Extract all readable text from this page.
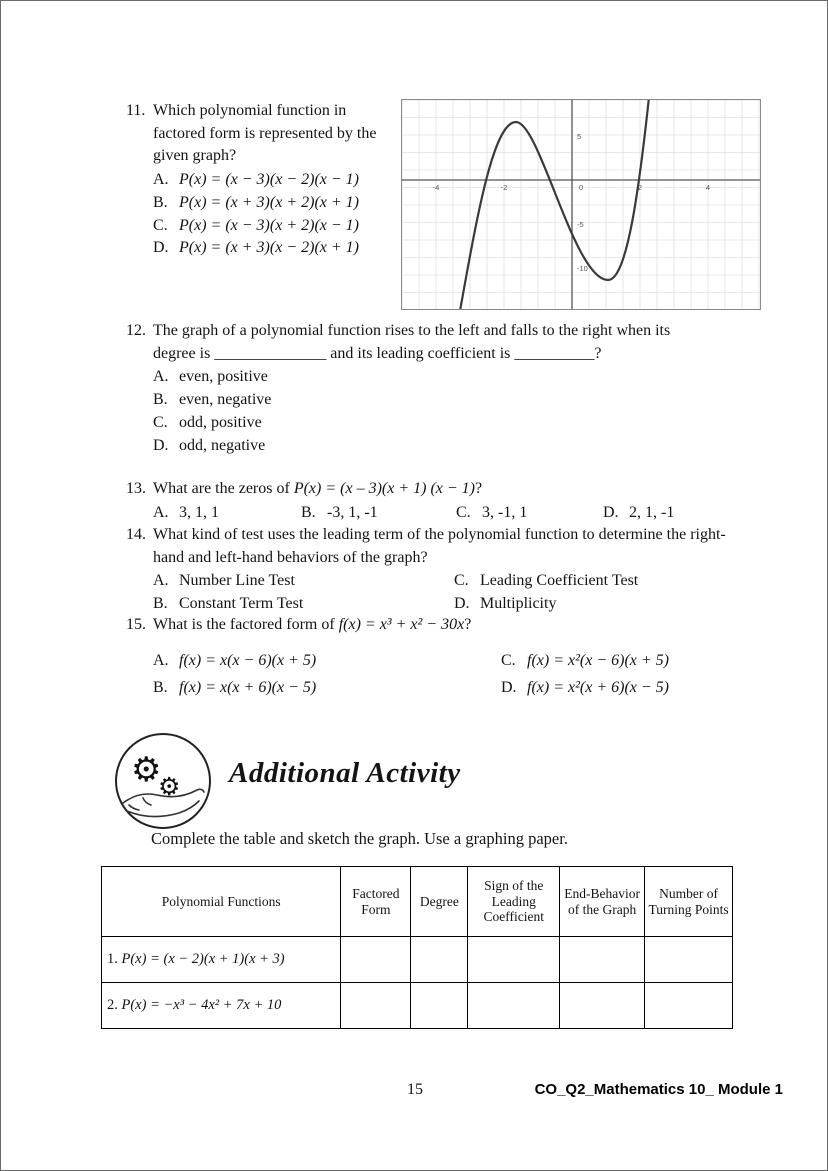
11. Which polynomial function in factored form is represented by the given graph?
A. P(x) = (x − 3)(x − 2)(x − 1)
B. P(x) = (x + 3)(x + 2)(x + 1)
C. P(x) = (x − 3)(x + 2)(x − 1)
D. P(x) = (x + 3)(x − 2)(x + 1)
-4	-2	0	2	4
5
-5
-10
12. The graph of a polynomial function rises to the left and falls to the right when its degree is ______________ and its leading coefficient is __________?
A. even, positive
B. even, negative
C. odd, positive
D. odd, negative
13. What are the zeros of P(x) = (x – 3)(x + 1) (x − 1)?
A. 3, 1, 1	B. -3, 1, -1	C. 3, -1, 1	D. 2, 1, -1
14. What kind of test uses the leading term of the polynomial function to determine the right-hand and left-hand behaviors of the graph?
A. Number Line Test	C. Leading Coefficient Test
B. Constant Term Test	D. Multiplicity
15. What is the factored form of f(x) = x³ + x² − 30x?
A. f(x) = x(x − 6)(x + 5)	C. f(x) = x²(x − 6)(x + 5)
B. f(x) = x(x + 6)(x − 5)	D. f(x) = x²(x + 6)(x − 5)
⚙
⚙ Additional Activity
Complete the table and sketch the graph. Use a graphing paper.
Polynomial Functions	Factored Form	Degree	Sign of the Leading Coefficient	End-Behavior of the Graph	Number of Turning Points
1. P(x) = (x − 2)(x + 1)(x + 3)					
2. P(x) = −x³ − 4x² + 7x + 10					
15	CO_Q2_Mathematics 10_ Module 1
